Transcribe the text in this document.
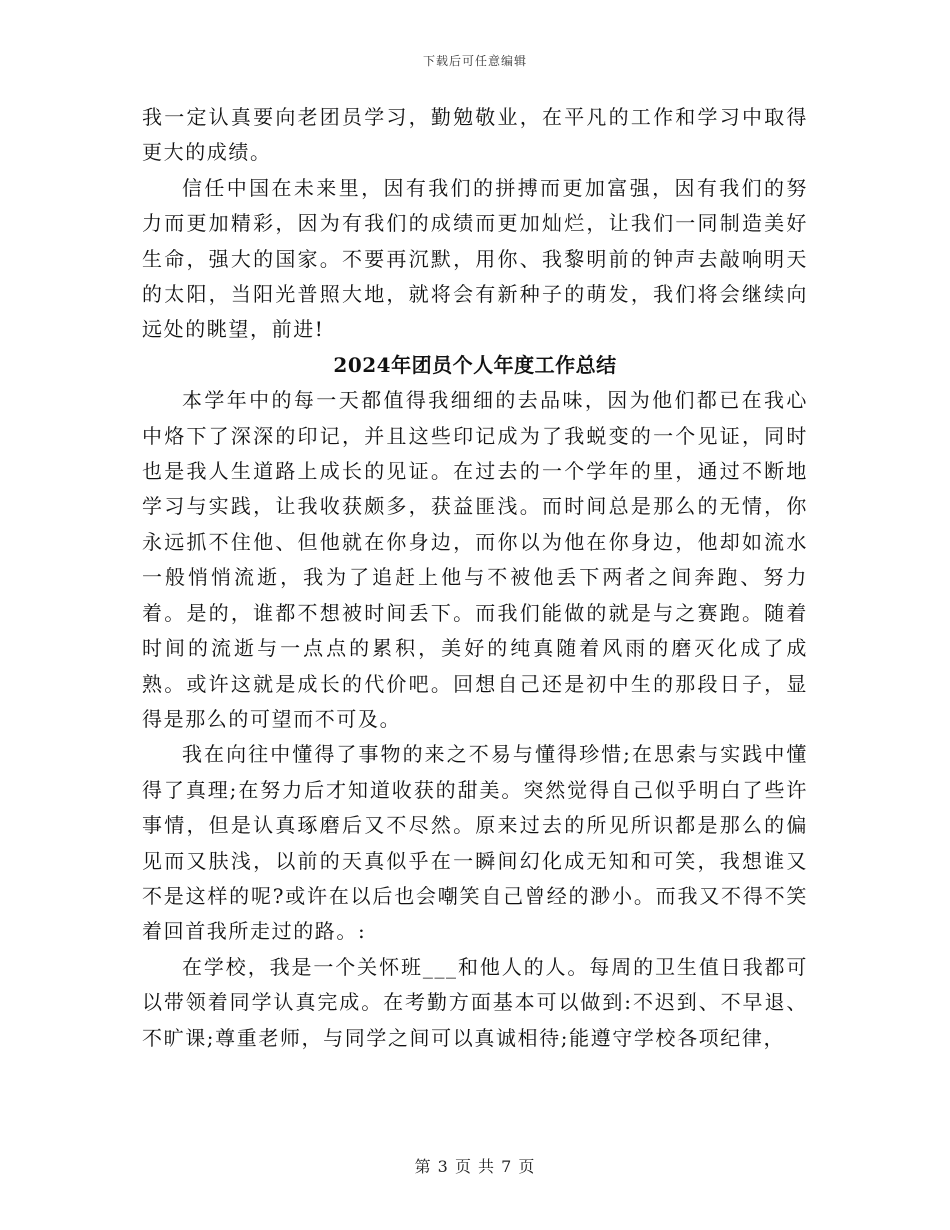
下载后可任意编辑

我一定认真要向老团员学习，勤勉敬业，在平凡的工作和学习中取得更大的成绩。

信任中国在未来里，因有我们的拼搏而更加富强，因有我们的努力而更加精彩，因为有我们的成绩而更加灿烂，让我们一同制造美好生命，强大的国家。不要再沉默，用你、我黎明前的钟声去敲响明天的太阳，当阳光普照大地，就将会有新种子的萌发，我们将会继续向远处的眺望，前进!

2024年团员个人年度工作总结

本学年中的每一天都值得我细细的去品味，因为他们都已在我心中烙下了深深的印记，并且这些印记成为了我蜕变的一个见证，同时也是我人生道路上成长的见证。在过去的一个学年的里，通过不断地学习与实践，让我收获颇多，获益匪浅。而时间总是那么的无情，你永远抓不住他、但他就在你身边，而你以为他在你身边，他却如流水一般悄悄流逝，我为了追赶上他与不被他丢下两者之间奔跑、努力着。是的，谁都不想被时间丢下。而我们能做的就是与之赛跑。随着时间的流逝与一点点的累积，美好的纯真随着风雨的磨灭化成了成熟。或许这就是成长的代价吧。回想自己还是初中生的那段日子，显得是那么的可望而不可及。

我在向往中懂得了事物的来之不易与懂得珍惜;在思索与实践中懂得了真理;在努力后才知道收获的甜美。突然觉得自己似乎明白了些许事情，但是认真琢磨后又不尽然。原来过去的所见所识都是那么的偏见而又肤浅，以前的天真似乎在一瞬间幻化成无知和可笑，我想谁又不是这样的呢?或许在以后也会嘲笑自己曾经的渺小。而我又不得不笑着回首我所走过的路。:

在学校，我是一个关怀班___和他人的人。每周的卫生值日我都可以带领着同学认真完成。在考勤方面基本可以做到:不迟到、不早退、不旷课;尊重老师，与同学之间可以真诚相待;能遵守学校各项纪律，

第 3 页 共 7 页
